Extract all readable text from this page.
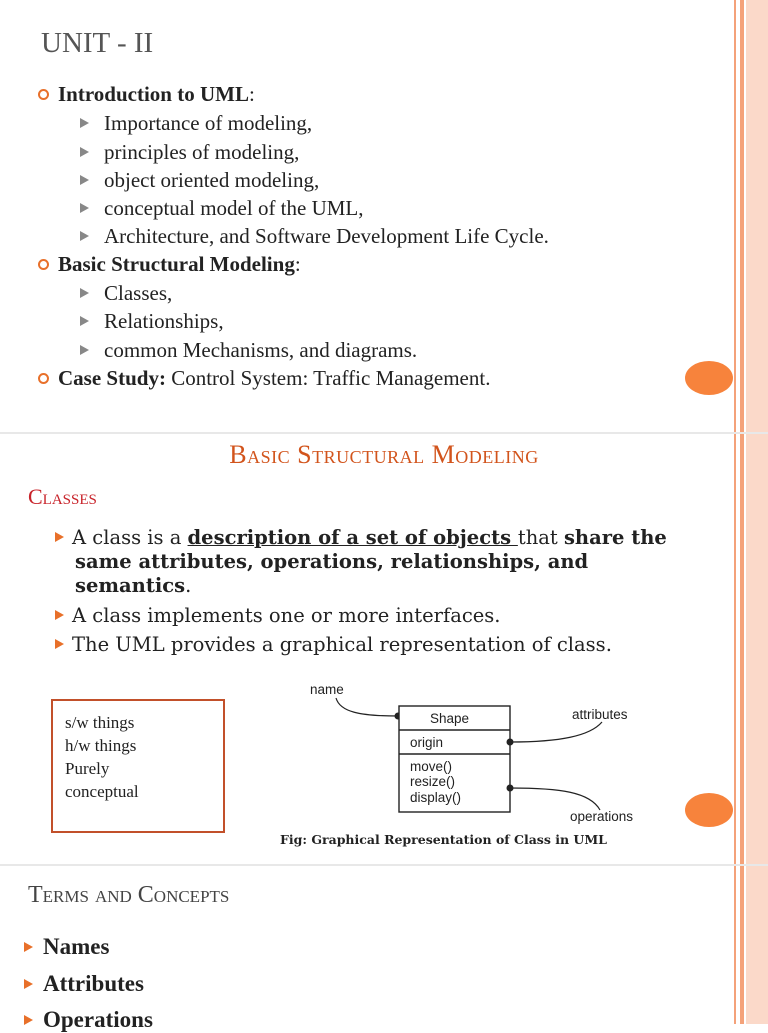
UNIT - II
Introduction to UML:
Importance of modeling,
principles of modeling,
object oriented modeling,
conceptual model of the UML,
Architecture, and Software Development Life Cycle.
Basic Structural Modeling:
Classes,
Relationships,
common Mechanisms, and diagrams.
Case Study: Control System: Traffic Management.
Basic Structural Modeling
Classes
A class is a description of a set of objects that share the
same attributes, operations, relationships, and
semantics.
A class implements one or more interfaces.
The UML provides a graphical representation of class.
s/w things
h/w things
Purely
conceptual
name
Shape
origin
move()
resize()
display()
attributes
operations
Fig: Graphical Representation of Class in UML
Terms and Concepts
Names
Attributes
Operations
